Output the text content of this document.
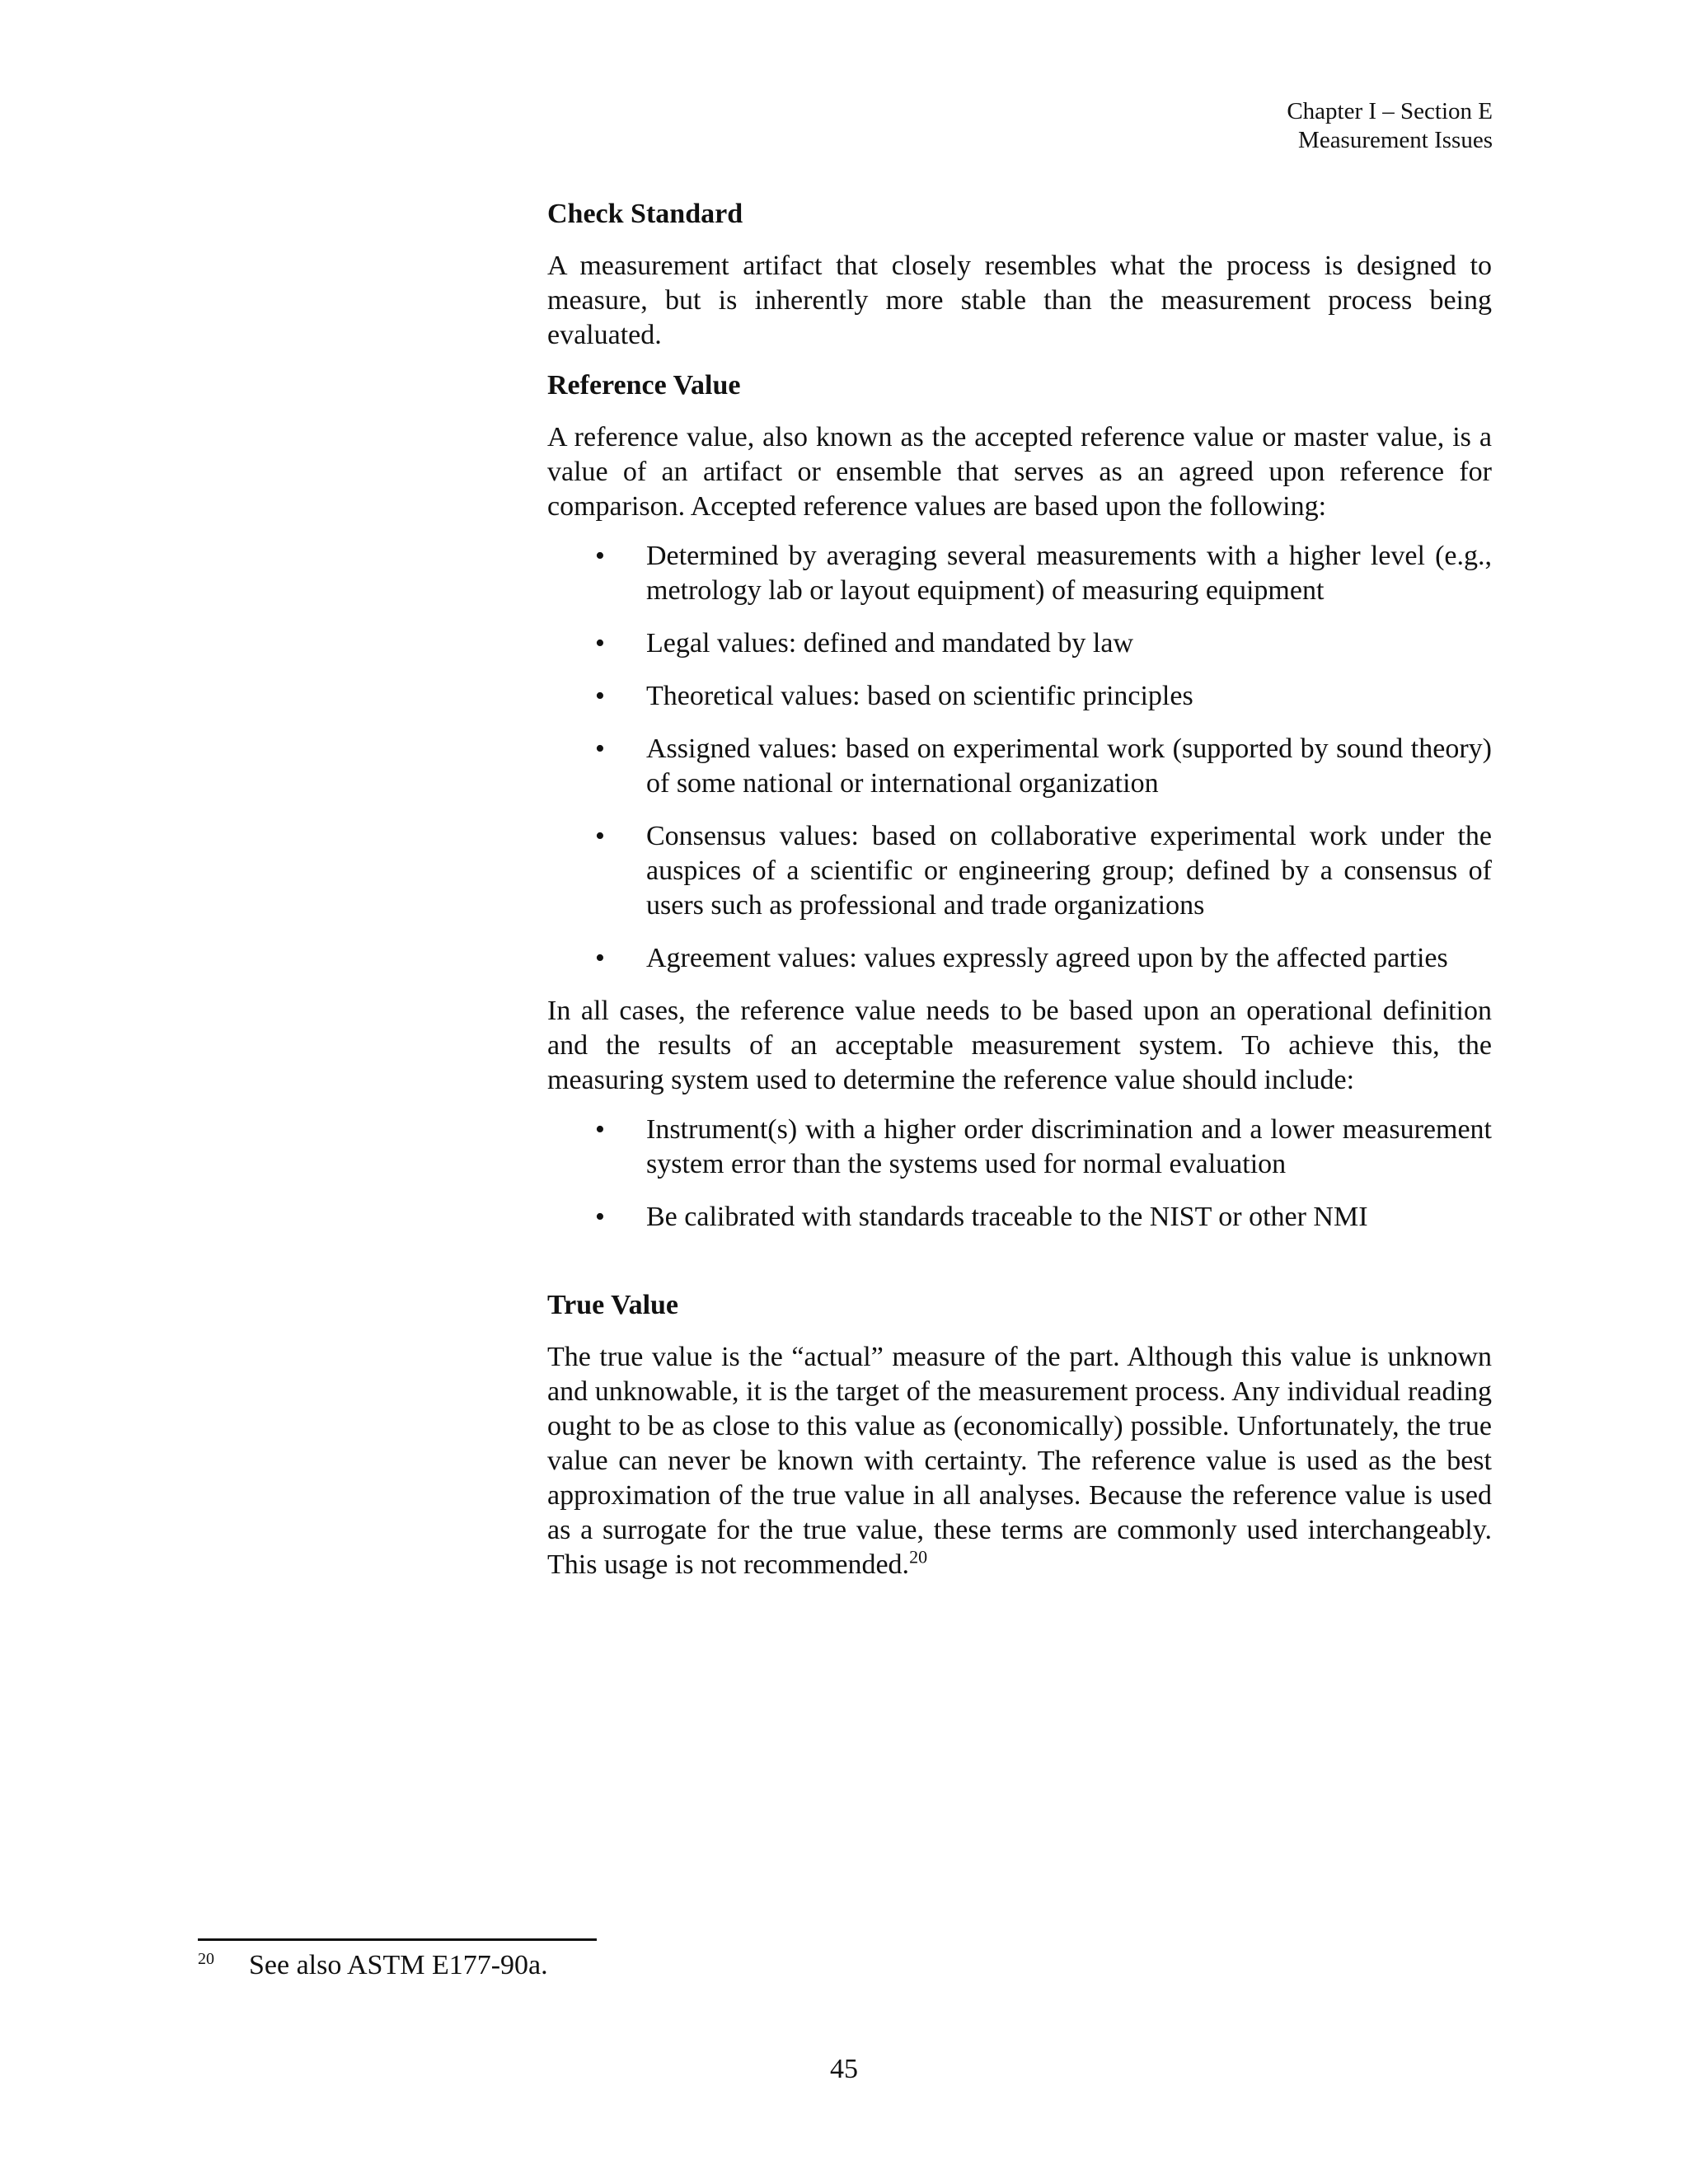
Chapter I – Section E
Measurement Issues
Check Standard

A measurement artifact that closely resembles what the process is designed to measure, but is inherently more stable than the measurement process being evaluated.

Reference Value

A reference value, also known as the accepted reference value or master value, is a value of an artifact or ensemble that serves as an agreed upon reference for comparison. Accepted reference values are based upon the following:

• Determined by averaging several measurements with a higher level (e.g., metrology lab or layout equipment) of measuring equipment
• Legal values: defined and mandated by law
• Theoretical values: based on scientific principles
• Assigned values: based on experimental work (supported by sound theory) of some national or international organization
• Consensus values: based on collaborative experimental work under the auspices of a scientific or engineering group; defined by a consensus of users such as professional and trade organizations
• Agreement values: values expressly agreed upon by the affected parties

In all cases, the reference value needs to be based upon an operational definition and the results of an acceptable measurement system. To achieve this, the measuring system used to determine the reference value should include:

• Instrument(s) with a higher order discrimination and a lower measurement system error than the systems used for normal evaluation
• Be calibrated with standards traceable to the NIST or other NMI
True Value

The true value is the “actual” measure of the part. Although this value is unknown and unknowable, it is the target of the measurement process. Any individual reading ought to be as close to this value as (economically) possible. Unfortunately, the true value can never be known with certainty. The reference value is used as the best approximation of the true value in all analyses. Because the reference value is used as a surrogate for the true value, these terms are commonly used interchangeably. This usage is not recommended.$^{20}$

20 See also ASTM E177-90a.
45
